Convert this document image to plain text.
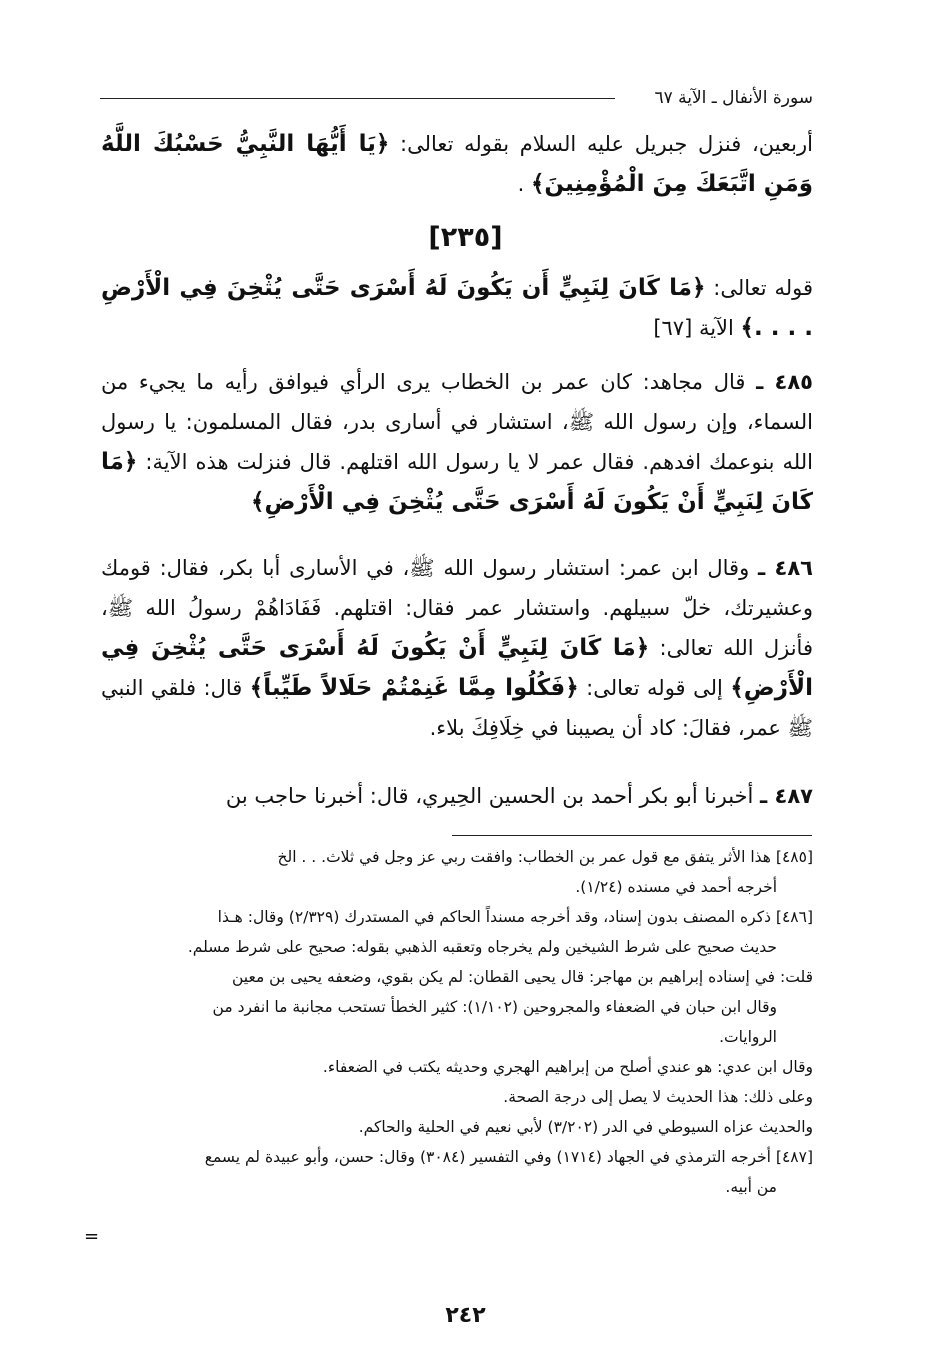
سورة الأنفال ـ الآية ٦٧
أربعين، فنزل جبريل عليه السلام بقوله تعالى: ﴿يَا أَيُّهَا النَّبِيُّ حَسْبُكَ اللَّهُ وَمَنِ اتَّبَعَكَ مِنَ الْمُؤْمِنِينَ﴾ .
[٢٣٥]
قوله تعالى: ﴿مَا كَانَ لِنَبِيٍّ أَن يَكُونَ لَهُ أَسْرَى حَتَّى يُثْخِنَ فِي الْأَرْضِ . . . .﴾ الآية [٦٧]
٤٨٥ ـ قال مجاهد: كان عمر بن الخطاب يرى الرأي فيوافق رأيه ما يجيء من السماء، وإن رسول الله ﷺ، استشار في أسارى بدر، فقال المسلمون: يا رسول الله بنوعمك افدهم. فقال عمر لا يا رسول الله اقتلهم. قال فنزلت هذه الآية: ﴿مَا كَانَ لِنَبِيٍّ أَنْ يَكُونَ لَهُ أَسْرَى حَتَّى يُثْخِنَ فِي الْأَرْضِ﴾
٤٨٦ ـ وقال ابن عمر: استشار رسول الله ﷺ، في الأسارى أبا بكر، فقال: قومك وعشيرتك، خلّ سبيلهم. واستشار عمر فقال: اقتلهم. فَفَادَاهُمْ رسولُ الله ﷺ، فأنزل الله تعالى: ﴿مَا كَانَ لِنَبِيٍّ أَنْ يَكُونَ لَهُ أَسْرَى حَتَّى يُثْخِنَ فِي الْأَرْضِ﴾ إلى قوله تعالى: ﴿فَكُلُوا مِمَّا غَنِمْتُمْ حَلَالاً طَيِّباً﴾ قال: فلقي النبي ﷺ عمر، فقالَ: كاد أن يصيبنا في خِلَافِكَ بلاء.
٤٨٧ ـ أخبرنا أبو بكر أحمد بن الحسين الحِيري، قال: أخبرنا حاجب بن
[٤٨٥] هذا الأثر يتفق مع قول عمر بن الخطاب: وافقت ربي عز وجل في ثلاث. . . الخ
أخرجه أحمد في مسنده (١/٢٤).
[٤٨٦] ذكره المصنف بدون إسناد، وقد أخرجه مسنداً الحاكم في المستدرك (٢/٣٢٩) وقال: هـذا
حديث صحيح على شرط الشيخين ولم يخرجاه وتعقبه الذهبي بقوله: صحيح على شرط مسلم.
قلت: في إسناده إبراهيم بن مهاجر: قال يحيى القطان: لم يكن بقوي، وضعفه يحيى بن معين
وقال ابن حبان في الضعفاء والمجروحين (١/١٠٢): كثير الخطأ تستحب مجانبة ما انفرد من
الروايات.
وقال ابن عدي: هو عندي أصلح من إبراهيم الهجري وحديثه يكتب في الضعفاء.
وعلى ذلك: هذا الحديث لا يصل إلى درجة الصحة.
والحديث عزاه السيوطي في الدر (٣/٢٠٢) لأبي نعيم في الحلية والحاكم.
[٤٨٧] أخرجه الترمذي في الجهاد (١٧١٤) وفي التفسير (٣٠٨٤) وقال: حسن، وأبو عبيدة لم يسمع
من أبيه.
=
٢٤٢
